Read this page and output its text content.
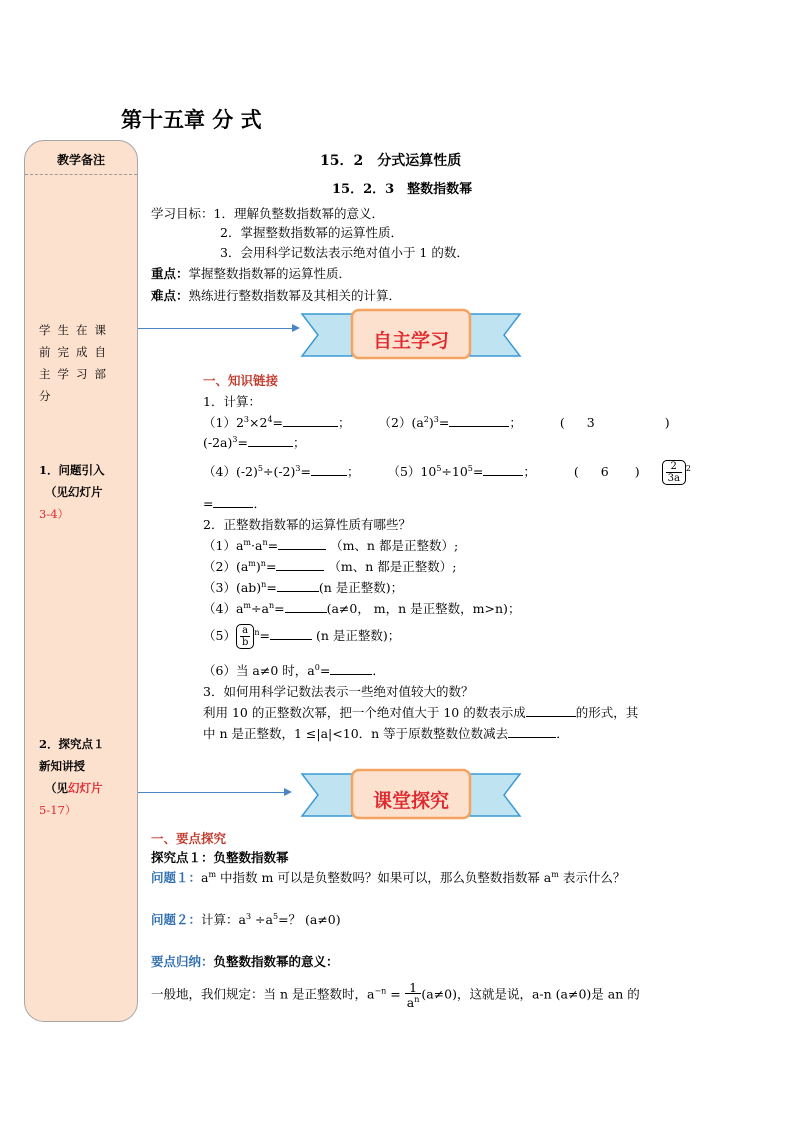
第十五章 分 式
教学备注
学生在课前完成自主学习部分
1．问题引入
（见幻灯片
3-4）
2．探究点１
新知讲授
（见幻灯片
5-17）
15．2　分式运算性质
15．2．3　整数指数幂
学习目标：1．理解负整数指数幂的意义．
2．掌握整数指数幂的运算性质．
3．会用科学记数法表示绝对值小于 1 的数．
重点：掌握整数指数幂的运算性质．
难点：熟练进行整数指数幂及其相关的计算．
自主学习
一、知识链接
1．计算：
$(1)2^3\times 2^4=$	； $(2)(a^2)^3=$	；	( 3	)
$(-2a)^3=$	；
$(4)(-2)^5\div(-2)^3=$	； $(5)10^5\div 10^5=$	；	( 6 )	$\frac{2}{3a} ^2$
=	．
2．正整数指数幂的运算性质有哪些？
$(1)a^m\cdot a^n=$	（m、n 都是正整数）;
$(2)(a^m)^n=$	（m、n 都是正整数）;
（3）(ab)$^n$=	(n 是正整数)；
$(4)a^m\div a^n=$	(a≠0， m，n 是正整数，m>n)；
$(5) \frac{a}{b} ^n=$	(n 是正整数)；
（6）当 a≠0 时，$a^0=$	．
3．如何用科学记数法表示一些绝对值较大的数？
利用 10 的正整数次幂，把一个绝对值大于 10 的数表示成	的形式，其
中 n 是正整数，1 ≤|a|<10．n 等于原数整数位数减去	．
课堂探究
一、要点探究
探究点１：负整数指数幂
问题１：$a^m$ 中指数 m 可以是负整数吗？如果可以，那么负整数指数幂 $a^m$ 表示什么？
问题２：计算：$a^3 \div a^5=$？ (a≠0)
要点归纳：负整数指数幂的意义：
一般地，我们规定：当 n 是正整数时，$a^{-n} = \frac{1}{a^n} (a\ne 0)$，这就是说，a-n (a≠0)是 an 的
